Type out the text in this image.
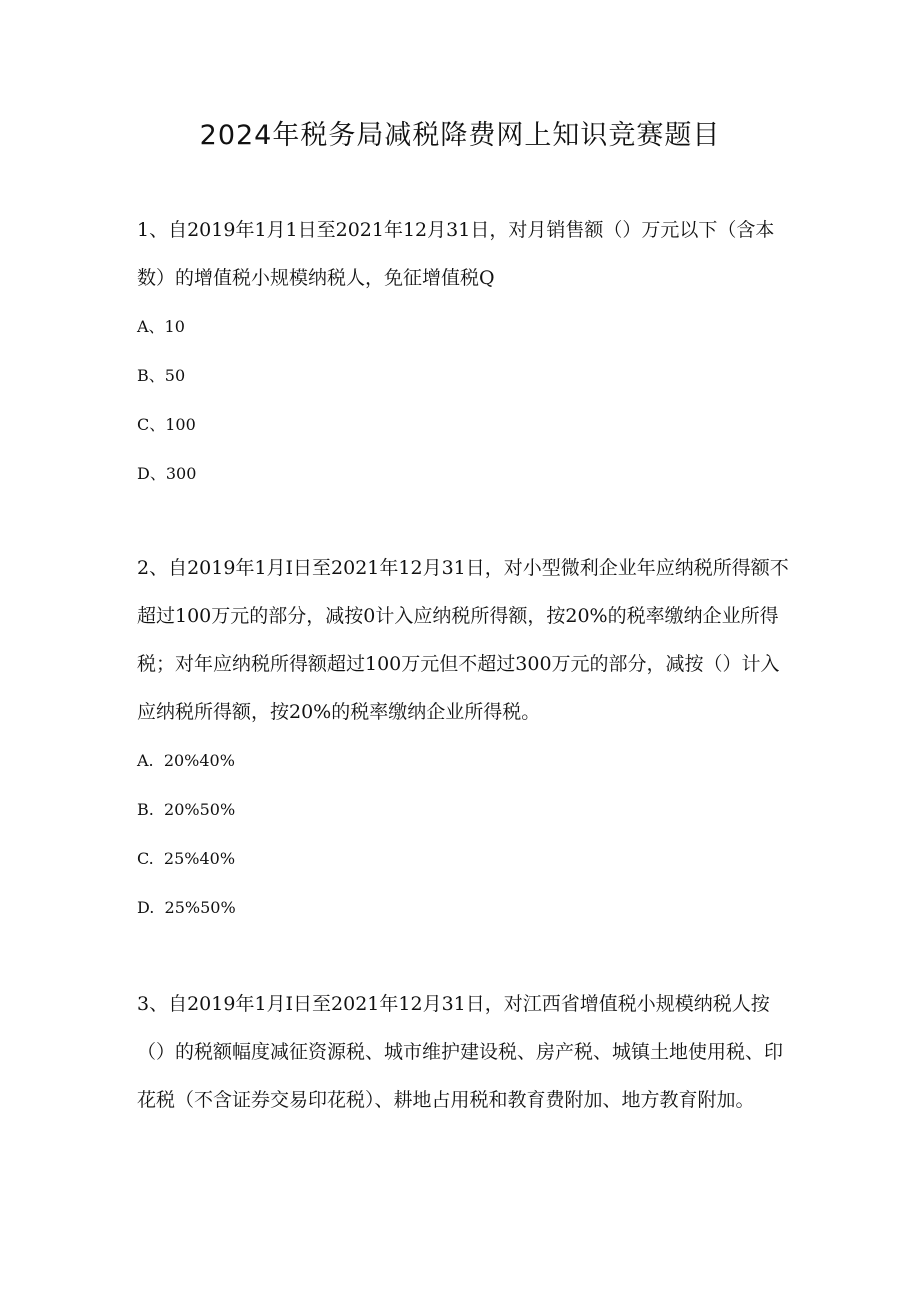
2024年税务局减税降费网上知识竞赛题目

1、自2019年1月1日至2021年12月31日，对月销售额（）万元以下（含本数）的增值税小规模纳税人，免征增值税Q

A、10
B、50
C、100
D、300

2、自2019年1月I日至2021年12月31日，对小型微利企业年应纳税所得额不超过100万元的部分，减按0计入应纳税所得额，按20%的税率缴纳企业所得税；对年应纳税所得额超过100万元但不超过300万元的部分，减按（）计入应纳税所得额，按20%的税率缴纳企业所得税。

A.  20%40%
B.  20%50%
C.  25%40%
D.  25%50%

3、自2019年1月I日至2021年12月31日，对江西省增值税小规模纳税人按（）的税额幅度减征资源税、城市维护建设税、房产税、城镇土地使用税、印花税（不含证券交易印花税）、耕地占用税和教育费附加、地方教育附加。
